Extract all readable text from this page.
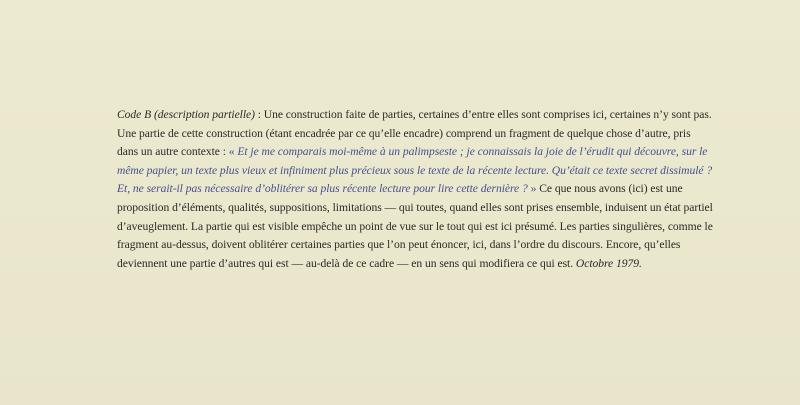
Code B (description partielle) : Une construction faite de parties, certaines d’entre elles sont comprises ici, certaines n’y sont pas. Une partie de cette construction (étant encadrée par ce qu’elle encadre) comprend un fragment de quelque chose d’autre, pris dans un autre contexte : « Et je me comparais moi-même à un palimpseste ; je connaissais la joie de l’érudit qui découvre, sur le même papier, un texte plus vieux et infiniment plus précieux sous le texte de la récente lecture. Qu’était ce texte secret dissimulé ? Et, ne serait-il pas nécessaire d’oblitérer sa plus récente lecture pour lire cette dernière ? » Ce que nous avons (ici) est une proposition d’éléments, qualités, suppositions, limitations — qui toutes, quand elles sont prises ensemble, induisent un état partiel d’aveuglement. La partie qui est visible empêche un point de vue sur le tout qui est ici présumé. Les parties singulières, comme le fragment au-dessus, doivent oblitérer certaines parties que l’on peut énoncer, ici, dans l’ordre du discours. Encore, qu’elles deviennent une partie d’autres qui est — au-delà de ce cadre — en un sens qui modifiera ce qui est. Octobre 1979.
